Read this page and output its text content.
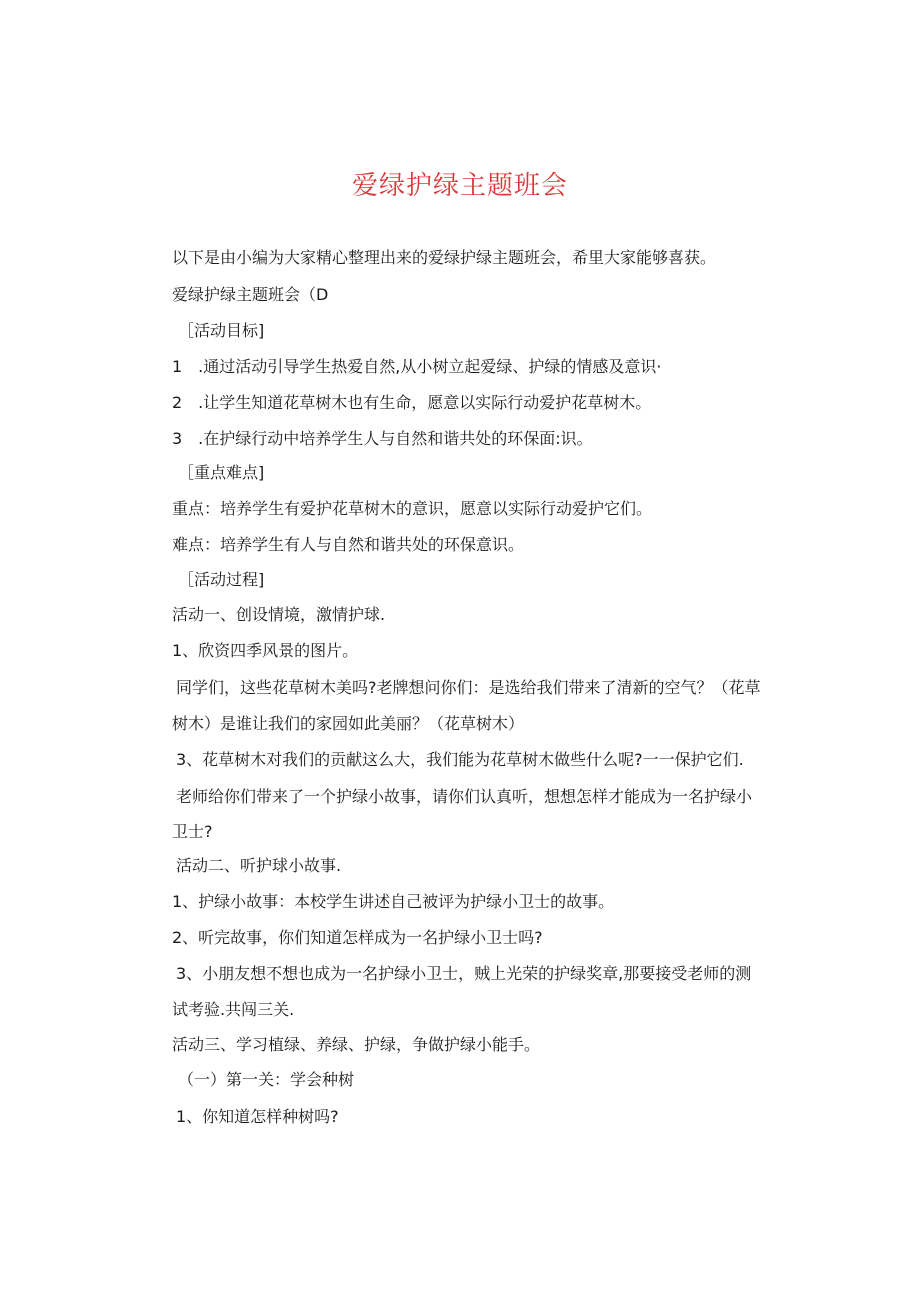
爱绿护绿主题班会
以下是由小编为大家精心整理出来的爱绿护绿主题班会，希里大家能够喜获。
爱绿护绿主题班会（D
［活动目标]
1　.通过活动引导学生热爱自然,从小树立起爱绿、护绿的情感及意识·
2　.让学生知道花草树木也有生命，愿意以实际行动爱护花草树木。
3　.在护绿行动中培养学生人与自然和谐共处的环保面:识。
［重点难点]
重点：培养学生有爱护花草树木的意识，愿意以实际行动爱护它们。
难点：培养学生有人与自然和谐共处的环保意识。
［活动过程]
活动一、创设情境，激情护球.
1、欣资四季风景的图片。
同学们，这些花草树木美吗?老牌想问你们：是选给我们带来了清新的空气？（花草
树木）是谁让我们的家园如此美丽？（花草树木）
3、花草树木对我们的贡献这么大，我们能为花草树木做些什么呢?一一保护它们.
老师给你们带来了一个护绿小故事，请你们认真听，想想怎样才能成为一名护绿小
卫士?
活动二、听护球小故事.
1、护绿小故事：本校学生讲述自己被评为护绿小卫士的故事。
2、听完故事，你们知道怎样成为一名护绿小卫士吗?
3、小朋友想不想也成为一名护绿小卫士，贼上光荣的护绿奖章,那要接受老师的测
试考验.共闯三关.
活动三、学习植绿、养绿、护绿，争做护绿小能手。
（一）第一关：学会种树
1、你知道怎样种树吗?
